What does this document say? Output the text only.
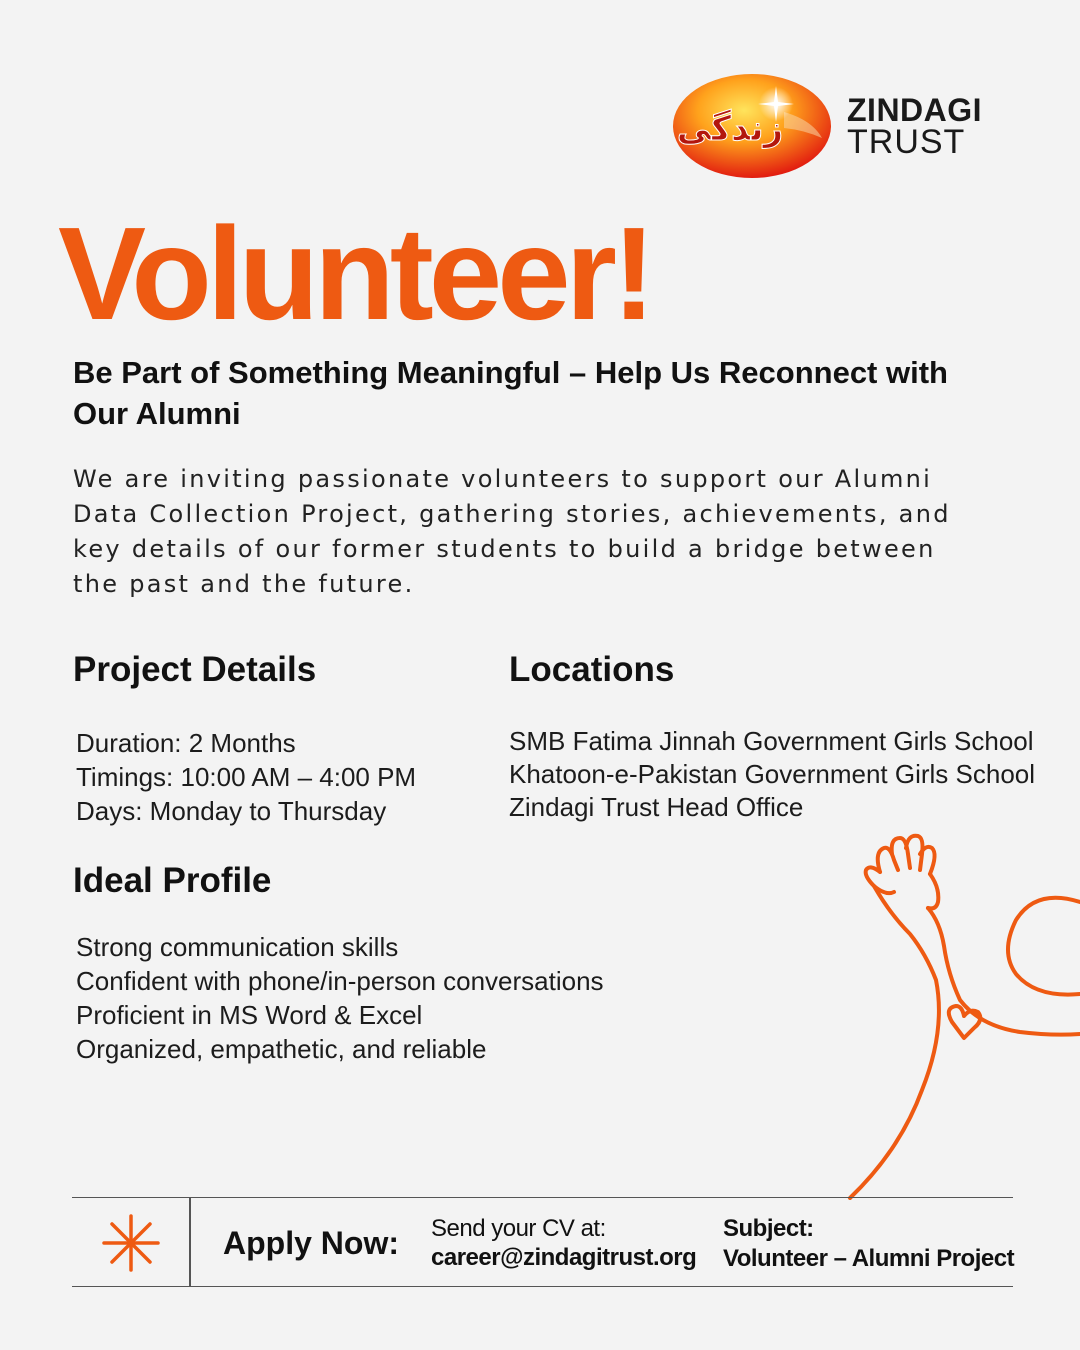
زندگی ZINDAGI
TRUST
Volunteer!
Be Part of Something Meaningful – Help Us Reconnect with Our Alumni
We are inviting passionate volunteers to support our Alumni Data Collection Project, gathering stories, achievements, and key details of our former students to build a bridge between the past and the future.
Project Details
Duration: 2 Months
Timings: 10:00 AM – 4:00 PM
Days: Monday to Thursday
Locations
SMB Fatima Jinnah Government Girls School
Khatoon-e-Pakistan Government Girls School
Zindagi Trust Head Office
Ideal Profile
Strong communication skills
Confident with phone/in-person conversations
Proficient in MS Word & Excel
Organized, empathetic, and reliable
Apply Now: Send your CV at:
career@zindagitrust.org
Subject:
Volunteer – Alumni Project
